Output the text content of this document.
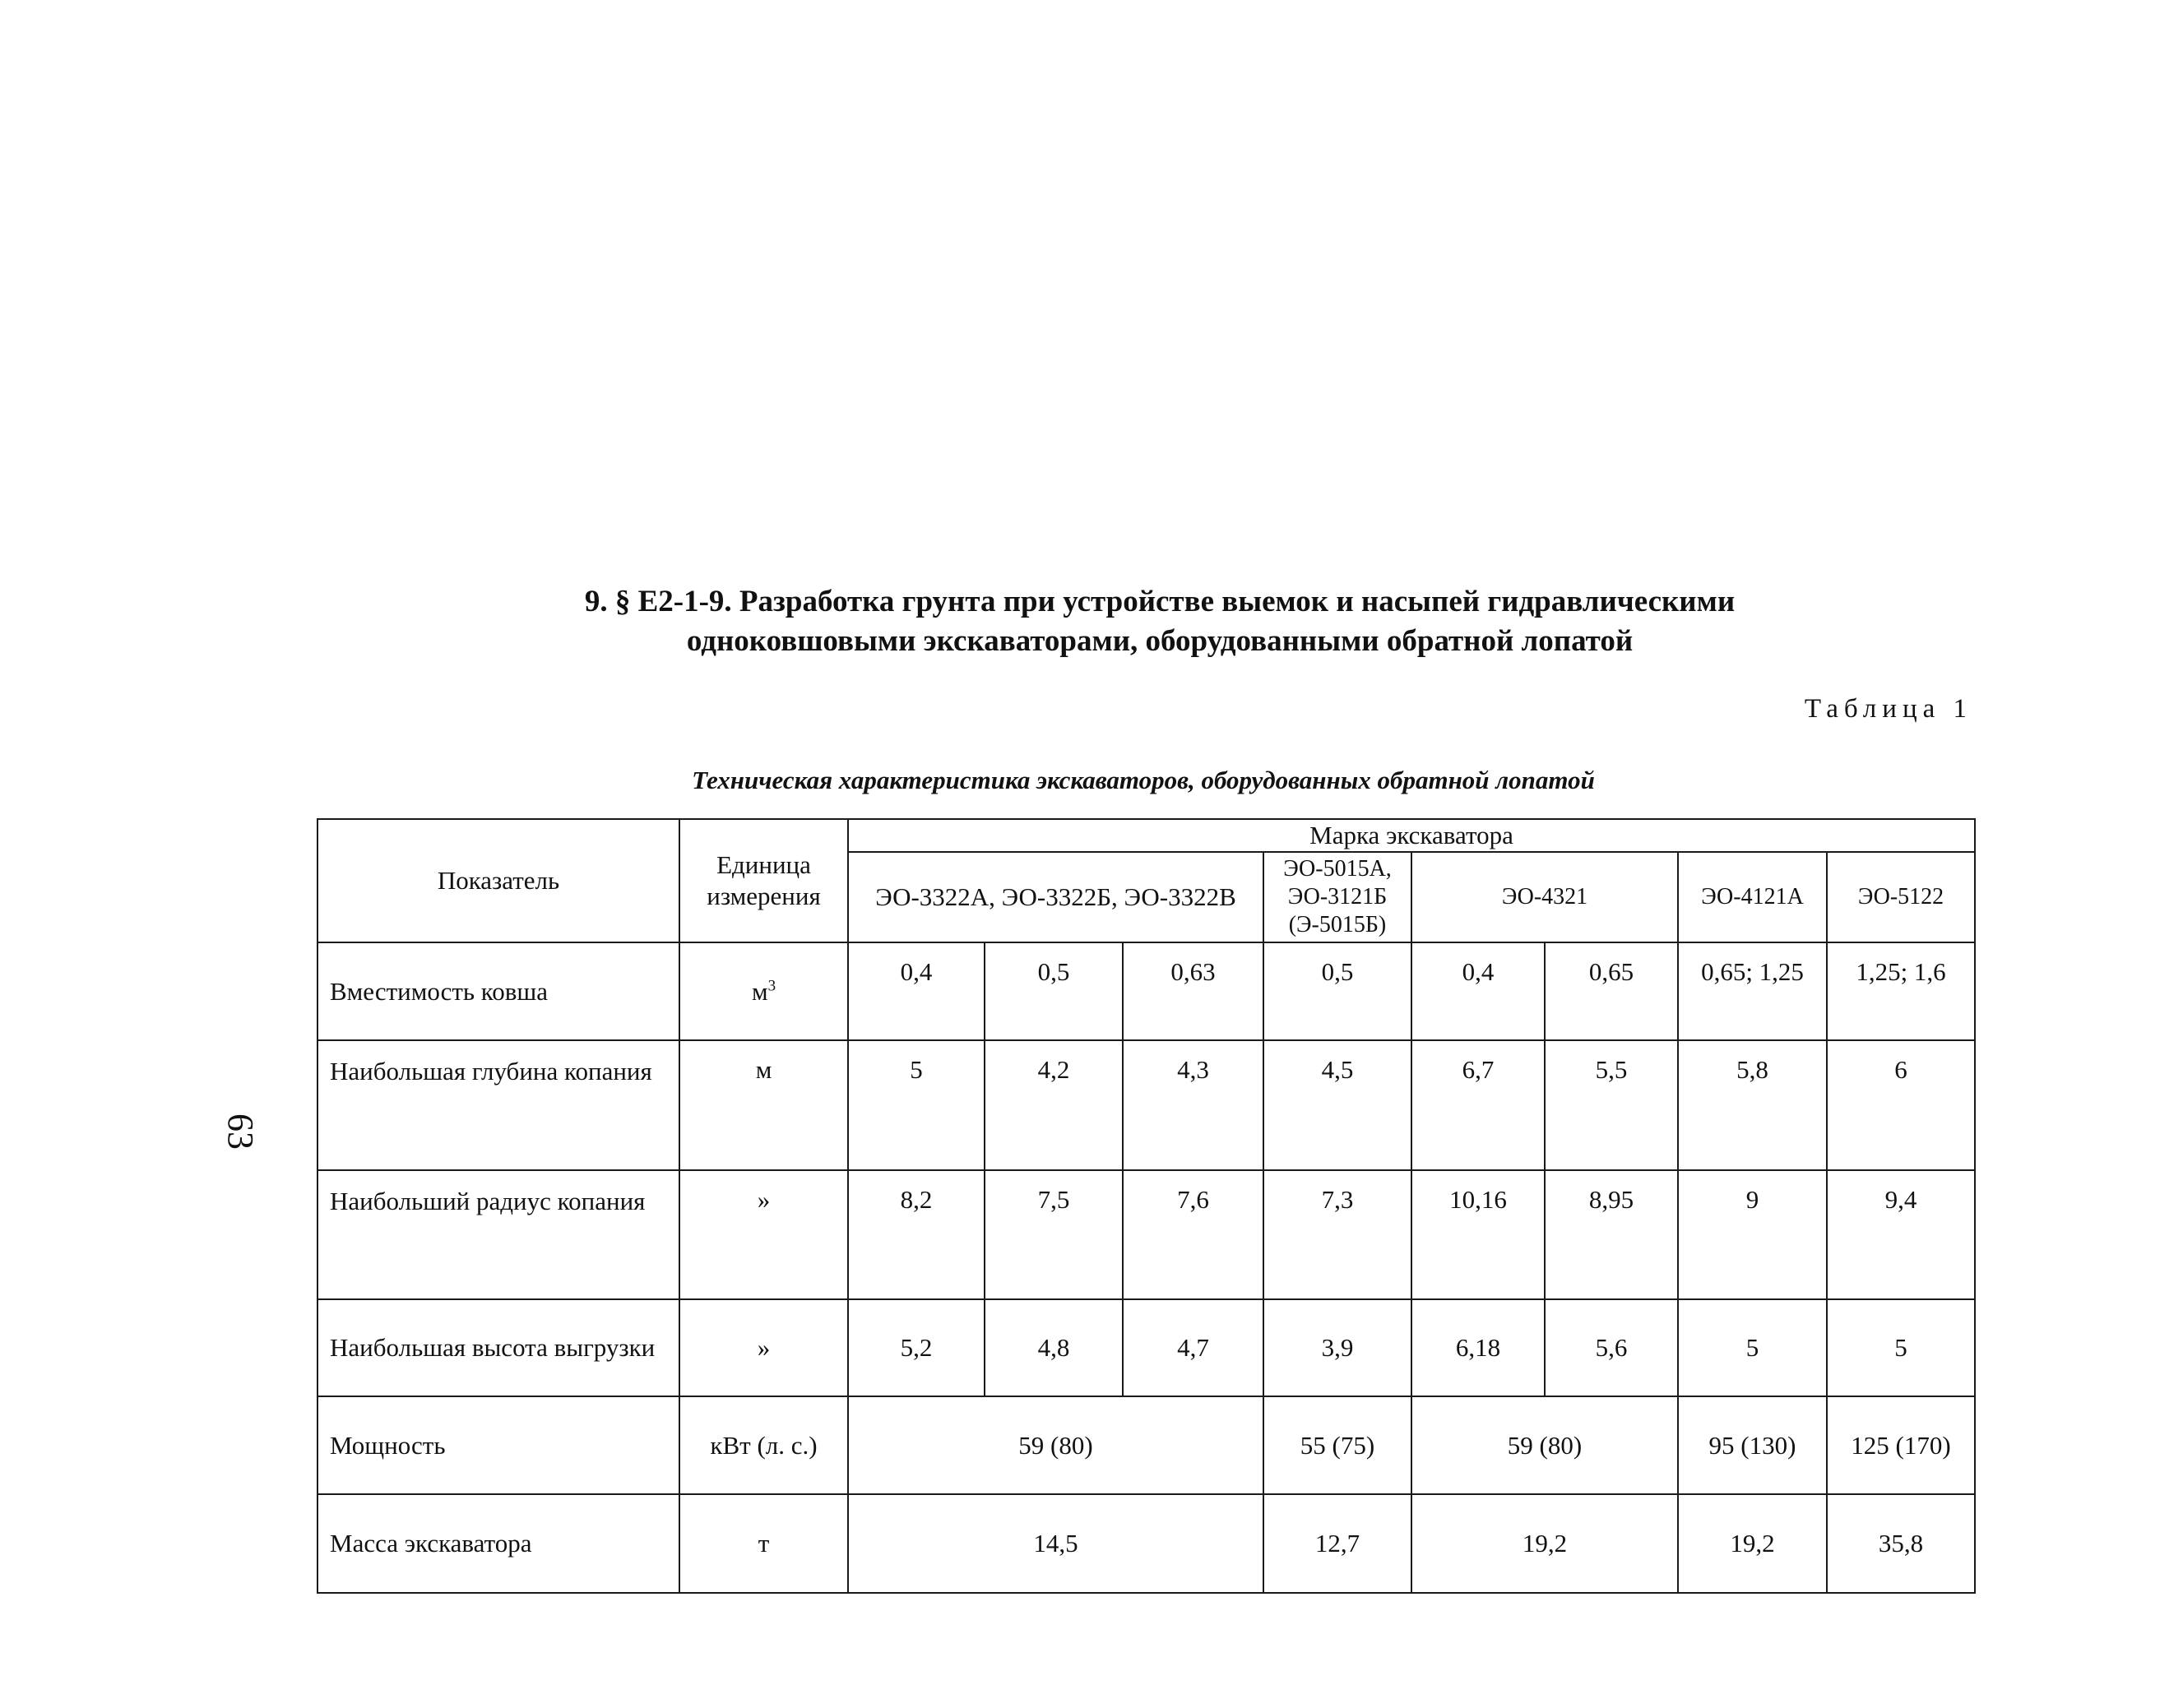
63
9. § Е2-1-9. Разработка грунта при устройстве выемок и насыпей гидравлическими
одноковшовыми экскаваторами, оборудованными обратной лопатой
Таблица 1
Техническая характеристика экскаваторов, оборудованных обратной лопатой
Показатель	Единица измерения	Марка экскаватора							
		ЭО-3322А, ЭО-3322Б, ЭО-3322В			ЭО-5015А, ЭО-3121Б (Э-5015Б)	ЭО-4321		ЭО-4121А	ЭО-5122
Вместимость ковша	$м^3$	0,4	0,5	0,63	0,5	0,4	0,65	0,65; 1,25	1,25; 1,6
Наибольшая глубина копания	м	5	4,2	4,3	4,5	6,7	5,5	5,8	6
Наибольший радиус копания	»	8,2	7,5	7,6	7,3	10,16	8,95	9	9,4
Наибольшая высота выгрузки	»	5,2	4,8	4,7	3,9	6,18	5,6	5	5
Мощность	кВт (л. с.)	59 (80)			55 (75)	59 (80)		95 (130)	125 (170)
Масса экскаватора	т	14,5			12,7	19,2		19,2	35,8
